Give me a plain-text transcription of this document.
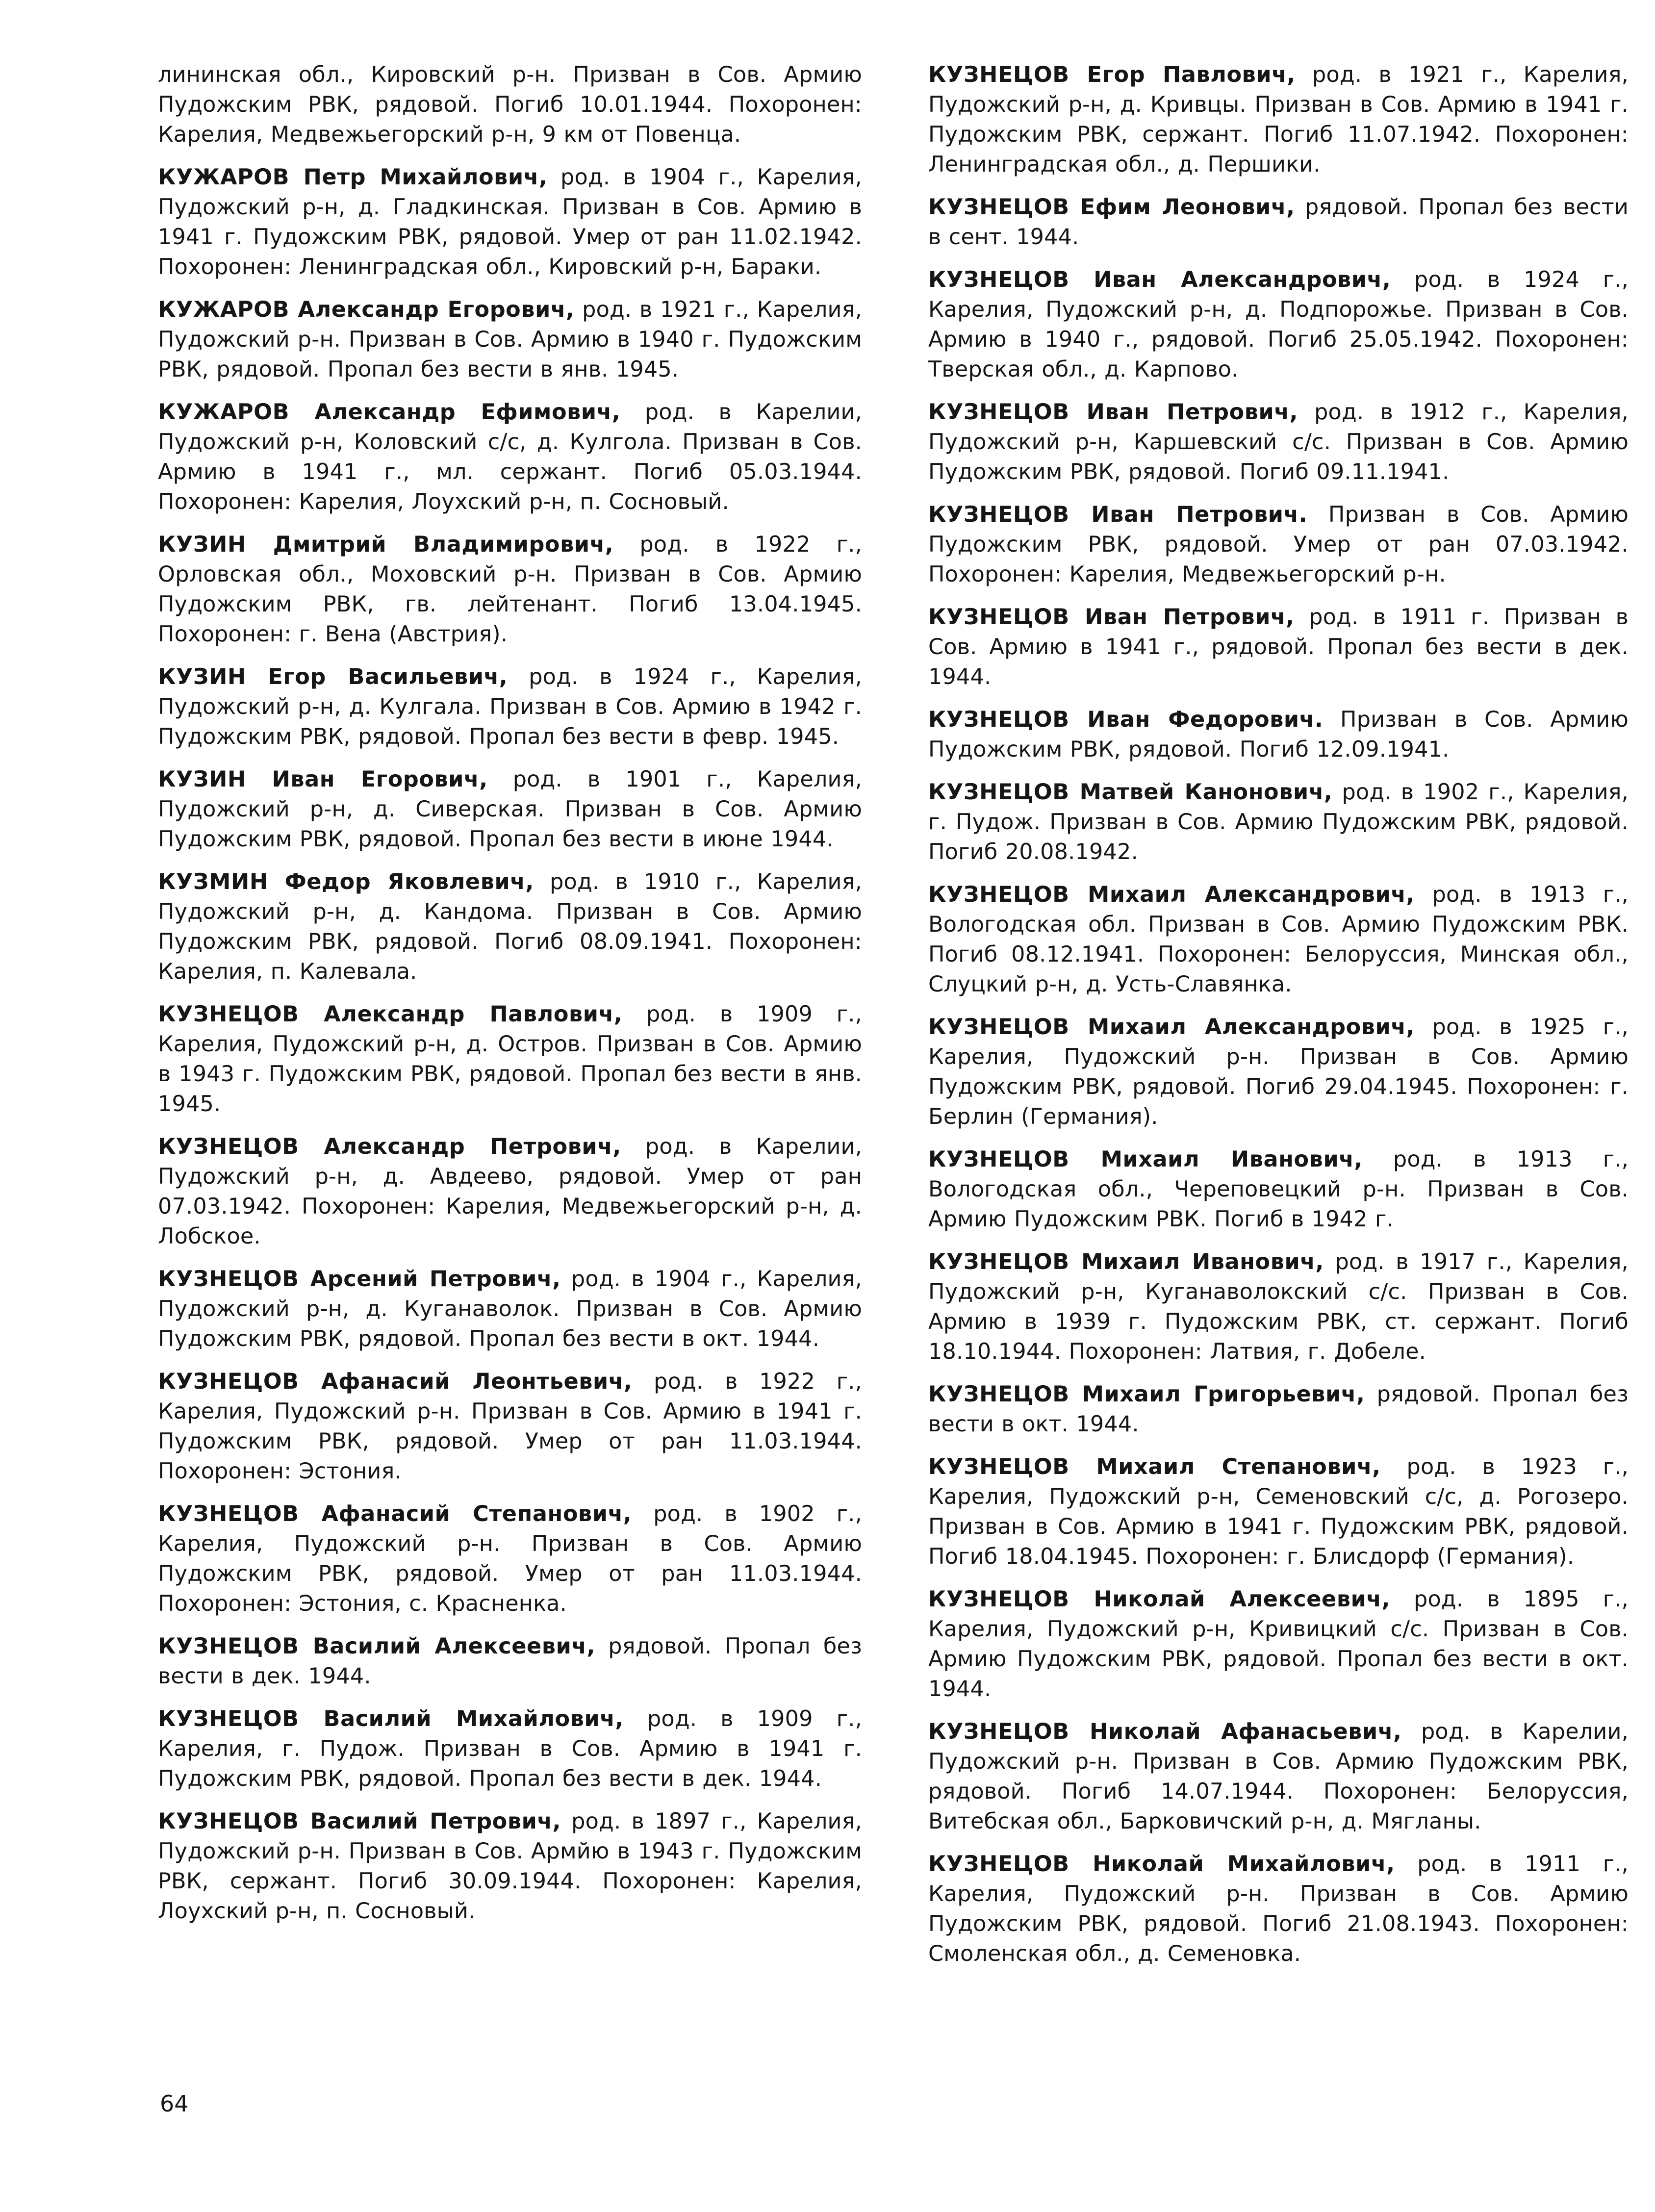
лининская обл., Кировский р-н. Призван в Сов. Армию Пудожским РВК, рядовой. Погиб 10.01.1944. Похоронен: Карелия, Медвежьегорский р-н, 9 км от Повенца.

КУЖАРОВ Петр Михайлович, род. в 1904 г., Карелия, Пудожский р-н, д. Гладкинская. Призван в Сов. Армию в 1941 г. Пудожским РВК, рядовой. Умер от ран 11.02.1942. Похоронен: Ленинградская обл., Кировский р-н, Бараки.

КУЖАРОВ Александр Егорович, род. в 1921 г., Карелия, Пудожский р-н. Призван в Сов. Армию в 1940 г. Пудожским РВК, рядовой. Пропал без вести в янв. 1945.

КУЖАРОВ Александр Ефимович, род. в Карелии, Пудожский р-н, Коловский с/с, д. Кулгола. Призван в Сов. Армию в 1941 г., мл. сержант. Погиб 05.03.1944. Похоронен: Карелия, Лоухский р-н, п. Сосновый.

КУЗИН Дмитрий Владимирович, род. в 1922 г., Орловская обл., Моховский р-н. Призван в Сов. Армию Пудожским РВК, гв. лейтенант. Погиб 13.04.1945. Похоронен: г. Вена (Австрия).

КУЗИН Егор Васильевич, род. в 1924 г., Карелия, Пудожский р-н, д. Кулгала. Призван в Сов. Армию в 1942 г. Пудожским РВК, рядовой. Пропал без вести в февр. 1945.

КУЗИН Иван Егорович, род. в 1901 г., Карелия, Пудожский р-н, д. Сиверская. Призван в Сов. Армию Пудожским РВК, рядовой. Пропал без вести в июне 1944.

КУЗМИН Федор Яковлевич, род. в 1910 г., Карелия, Пудожский р-н, д. Кандома. Призван в Сов. Армию Пудожским РВК, рядовой. Погиб 08.09.1941. Похоронен: Карелия, п. Калевала.

КУЗНЕЦОВ Александр Павлович, род. в 1909 г., Карелия, Пудожский р-н, д. Остров. Призван в Сов. Армию в 1943 г. Пудожским РВК, рядовой. Пропал без вести в янв. 1945.

КУЗНЕЦОВ Александр Петрович, род. в Карелии, Пудожский р-н, д. Авдеево, рядовой. Умер от ран 07.03.1942. Похоронен: Карелия, Медвежьегорский р-н, д. Лобское.

КУЗНЕЦОВ Арсений Петрович, род. в 1904 г., Карелия, Пудожский р-н, д. Куганаволок. Призван в Сов. Армию Пудожским РВК, рядовой. Пропал без вести в окт. 1944.

КУЗНЕЦОВ Афанасий Леонтьевич, род. в 1922 г., Карелия, Пудожский р-н. Призван в Сов. Армию в 1941 г. Пудожским РВК, рядовой. Умер от ран 11.03.1944. Похоронен: Эстония.

КУЗНЕЦОВ Афанасий Степанович, род. в 1902 г., Карелия, Пудожский р-н. Призван в Сов. Армию Пудожским РВК, рядовой. Умер от ран 11.03.1944. Похоронен: Эстония, с. Красненка.

КУЗНЕЦОВ Василий Алексеевич, рядовой. Пропал без вести в дек. 1944.

КУЗНЕЦОВ Василий Михайлович, род. в 1909 г., Карелия, г. Пудож. Призван в Сов. Армию в 1941 г. Пудожским РВК, рядовой. Пропал без вести в дек. 1944.

КУЗНЕЦОВ Василий Петрович, род. в 1897 г., Карелия, Пудожский р-н. Призван в Сов. Армйю в 1943 г. Пудожским РВК, сержант. Погиб 30.09.1944. Похоронен: Карелия, Лоухский р-н, п. Сосновый.

КУЗНЕЦОВ Егор Павлович, род. в 1921 г., Карелия, Пудожский р-н, д. Кривцы. Призван в Сов. Армию в 1941 г. Пудожским РВК, сержант. Погиб 11.07.1942. Похоронен: Ленинградская обл., д. Першики.

КУЗНЕЦОВ Ефим Леонович, рядовой. Пропал без вести в сент. 1944.

КУЗНЕЦОВ Иван Александрович, род. в 1924 г., Карелия, Пудожский р-н, д. Подпорожье. Призван в Сов. Армию в 1940 г., рядовой. Погиб 25.05.1942. Похоронен: Тверская обл., д. Карпово.

КУЗНЕЦОВ Иван Петрович, род. в 1912 г., Карелия, Пудожский р-н, Каршевский с/с. Призван в Сов. Армию Пудожским РВК, рядовой. Погиб 09.11.1941.

КУЗНЕЦОВ Иван Петрович. Призван в Сов. Армию Пудожским РВК, рядовой. Умер от ран 07.03.1942. Похоронен: Карелия, Медвежьегорский р-н.

КУЗНЕЦОВ Иван Петрович, род. в 1911 г. Призван в Сов. Армию в 1941 г., рядовой. Пропал без вести в дек. 1944.

КУЗНЕЦОВ Иван Федорович. Призван в Сов. Армию Пудожским РВК, рядовой. Погиб 12.09.1941.

КУЗНЕЦОВ Матвей Канонович, род. в 1902 г., Карелия, г. Пудож. Призван в Сов. Армию Пудожским РВК, рядовой. Погиб 20.08.1942.

КУЗНЕЦОВ Михаил Александрович, род. в 1913 г., Вологодская обл. Призван в Сов. Армию Пудожским РВК. Погиб 08.12.1941. Похоронен: Белоруссия, Минская обл., Слуцкий р-н, д. Усть-Славянка.

КУЗНЕЦОВ Михаил Александрович, род. в 1925 г., Карелия, Пудожский р-н. Призван в Сов. Армию Пудожским РВК, рядовой. Погиб 29.04.1945. Похоронен: г. Берлин (Германия).

КУЗНЕЦОВ Михаил Иванович, род. в 1913 г., Вологодская обл., Череповецкий р-н. Призван в Сов. Армию Пудожским РВК. Погиб в 1942 г.

КУЗНЕЦОВ Михаил Иванович, род. в 1917 г., Карелия, Пудожский р-н, Куганаволокский с/с. Призван в Сов. Армию в 1939 г. Пудожским РВК, ст. сержант. Погиб 18.10.1944. Похоронен: Латвия, г. Добеле.

КУЗНЕЦОВ Михаил Григорьевич, рядовой. Пропал без вести в окт. 1944.

КУЗНЕЦОВ Михаил Степанович, род. в 1923 г., Карелия, Пудожский р-н, Семеновский с/с, д. Рогозеро. Призван в Сов. Армию в 1941 г. Пудожским РВК, рядовой. Погиб 18.04.1945. Похоронен: г. Блисдорф (Германия).

КУЗНЕЦОВ Николай Алексеевич, род. в 1895 г., Карелия, Пудожский р-н, Кривицкий с/с. Призван в Сов. Армию Пудожским РВК, рядовой. Пропал без вести в окт. 1944.

КУЗНЕЦОВ Николай Афанасьевич, род. в Карелии, Пудожский р-н. Призван в Сов. Армию Пудожским РВК, рядовой. Погиб 14.07.1944. Похоронен: Белоруссия, Витебская обл., Барковичский р-н, д. Мягланы.

КУЗНЕЦОВ Николай Михайлович, род. в 1911 г., Карелия, Пудожский р-н. Призван в Сов. Армию Пудожским РВК, рядовой. Погиб 21.08.1943. Похоронен: Смоленская обл., д. Семеновка.

64
